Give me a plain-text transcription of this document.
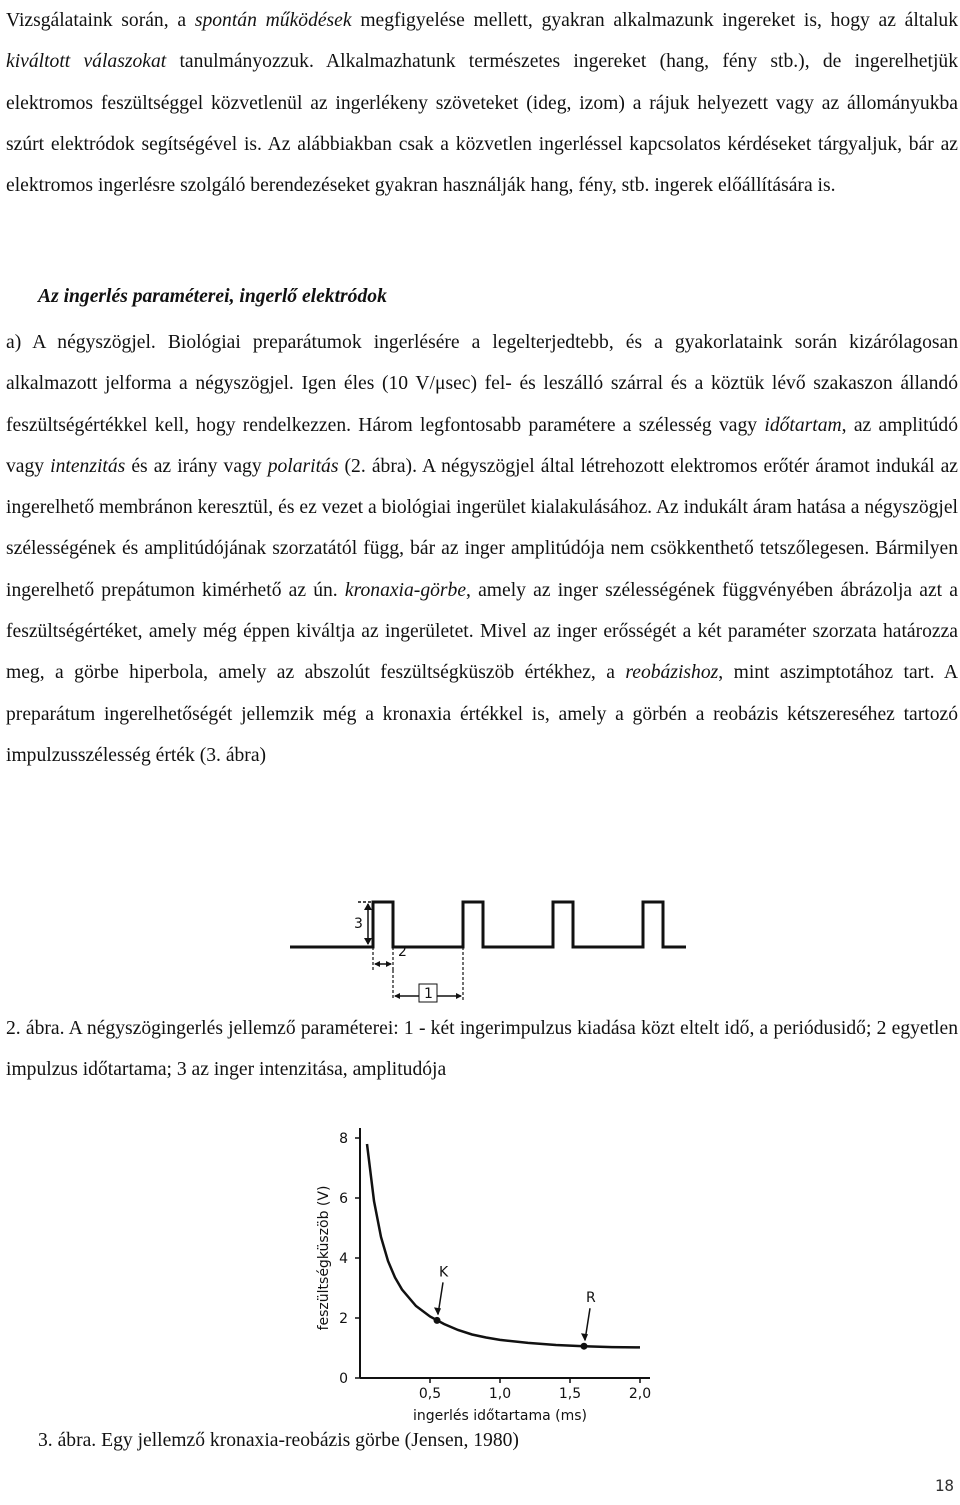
Vizsgálataink során, a spontán működések megfigyelése mellett, gyakran alkalmazunk ingereket is, hogy az általuk kiváltott válaszokat tanulmányozzuk. Alkalmazhatunk természetes ingereket (hang, fény stb.), de ingerelhetjük elektromos feszültséggel közvetlenül az ingerlékeny szöveteket (ideg, izom) a rájuk helyezett vagy az állományukba szúrt elektródok segítségével is. Az alábbiakban csak a közvetlen ingerléssel kapcsolatos kérdéseket tárgyaljuk, bár az elektromos ingerlésre szolgáló berendezéseket gyakran használják hang, fény, stb. ingerek előállítására is.

Az ingerlés paraméterei, ingerlő elektródok

a) A négyszögjel. Biológiai preparátumok ingerlésére a legelterjedtebb, és a gyakorlataink során kizárólagosan alkalmazott jelforma a négyszögjel. Igen éles (10 V/μsec) fel- és leszálló szárral és a köztük lévő szakaszon állandó feszültségértékkel kell, hogy rendelkezzen. Három legfontosabb paramétere a szélesség vagy időtartam, az amplitúdó vagy intenzitás és az irány vagy polaritás (2. ábra). A négyszögjel által létrehozott elektromos erőtér áramot indukál az ingerelhető membránon keresztül, és ez vezet a biológiai ingerület kialakulásához. Az indukált áram hatása a négyszögjel szélességének és amplitúdójának szorzatától függ, bár az inger amplitúdója nem csökkenthető tetszőlegesen. Bármilyen ingerelhető prepátumon kimérhető az ún. kronaxia-görbe, amely az inger szélességének függvényében ábrázolja azt a feszültségértéket, amely még éppen kiváltja az ingerületet. Mivel az inger erősségét a két paraméter szorzata határozza meg, a görbe hiperbola, amely az abszolút feszültségküszöb értékhez, a reobázishoz, mint aszimptotához tart. A preparátum ingerelhetőségét jellemzik még a kronaxia értékkel is, amely a görbén a reobázis kétszereséhez tartozó impulzusszélesség érték (3. ábra)

3
2
1

2. ábra. A négyszögingerlés jellemző paraméterei: 1 - két ingerimpulzus kiadása közt eltelt idő, a periódusidő; 2 egyetlen impulzus időtartama; 3 az inger intenzitása, amplitudója

0
2
4
6
8
0,5	1,0	1,5	2,0
K
R
feszültségküszöb (V)
ingerlés időtartama (ms)

3. ábra. Egy jellemző kronaxia-reobázis görbe (Jensen, 1980)

18
